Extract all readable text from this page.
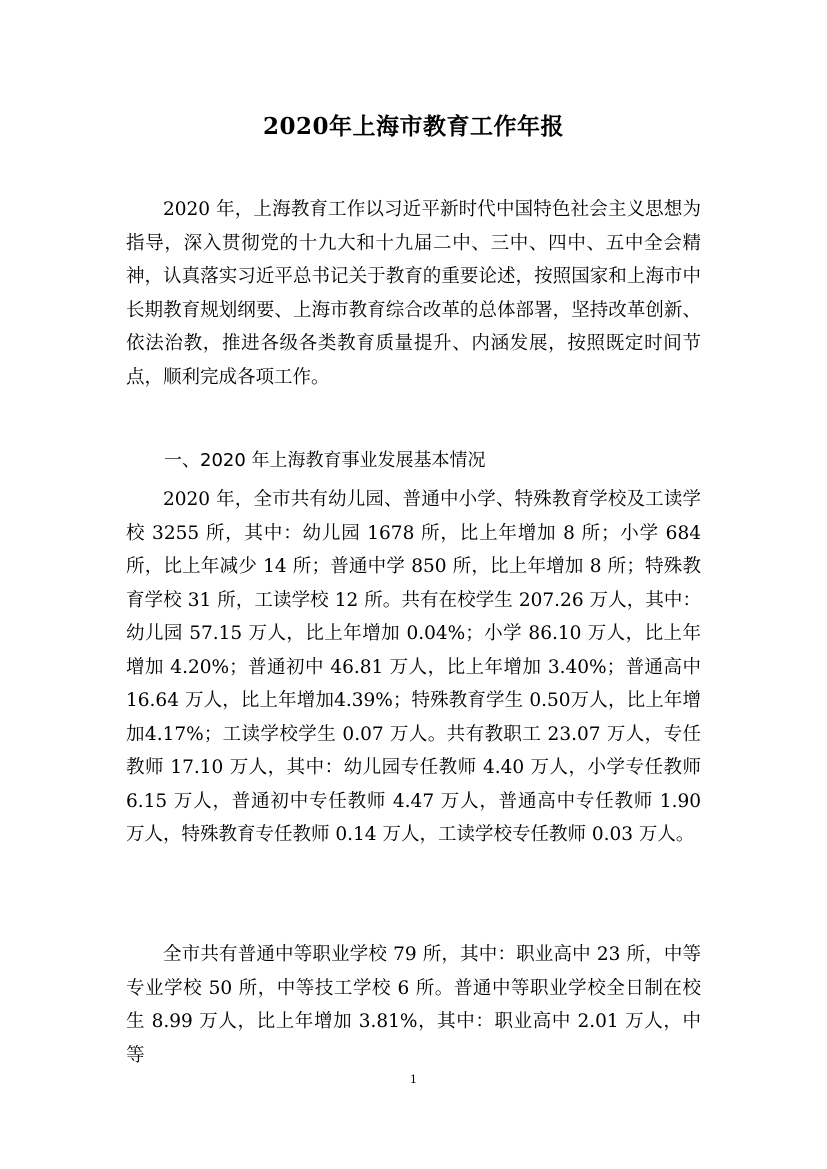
2020年上海市教育工作年报

2020 年，上海教育工作以习近平新时代中国特色社会主义思想为指导，深入贯彻党的十九大和十九届二中、三中、四中、五中全会精神，认真落实习近平总书记关于教育的重要论述，按照国家和上海市中长期教育规划纲要、上海市教育综合改革的总体部署，坚持改革创新、依法治教，推进各级各类教育质量提升、内涵发展，按照既定时间节点，顺利完成各项工作。

一、2020 年上海教育事业发展基本情况

2020 年，全市共有幼儿园、普通中小学、特殊教育学校及工读学校 3255 所，其中：幼儿园 1678 所，比上年增加 8 所；小学 684 所，比上年减少 14 所；普通中学 850 所，比上年增加 8 所；特殊教育学校 31 所，工读学校 12 所。共有在校学生 207.26 万人，其中：幼儿园 57.15 万人，比上年增加 0.04%；小学 86.10 万人，比上年增加 4.20%；普通初中 46.81 万人，比上年增加 3.40%；普通高中 16.64 万人，比上年增加4.39%；特殊教育学生 0.50万人，比上年增加4.17%；工读学校学生 0.07 万人。共有教职工 23.07 万人，专任教师 17.10 万人，其中：幼儿园专任教师 4.40 万人，小学专任教师 6.15 万人，普通初中专任教师 4.47 万人，普通高中专任教师 1.90 万人，特殊教育专任教师 0.14 万人，工读学校专任教师 0.03 万人。

全市共有普通中等职业学校 79 所，其中：职业高中 23 所，中等专业学校 50 所，中等技工学校 6 所。普通中等职业学校全日制在校生 8.99 万人，比上年增加 3.81%，其中：职业高中 2.01 万人，中等

1
